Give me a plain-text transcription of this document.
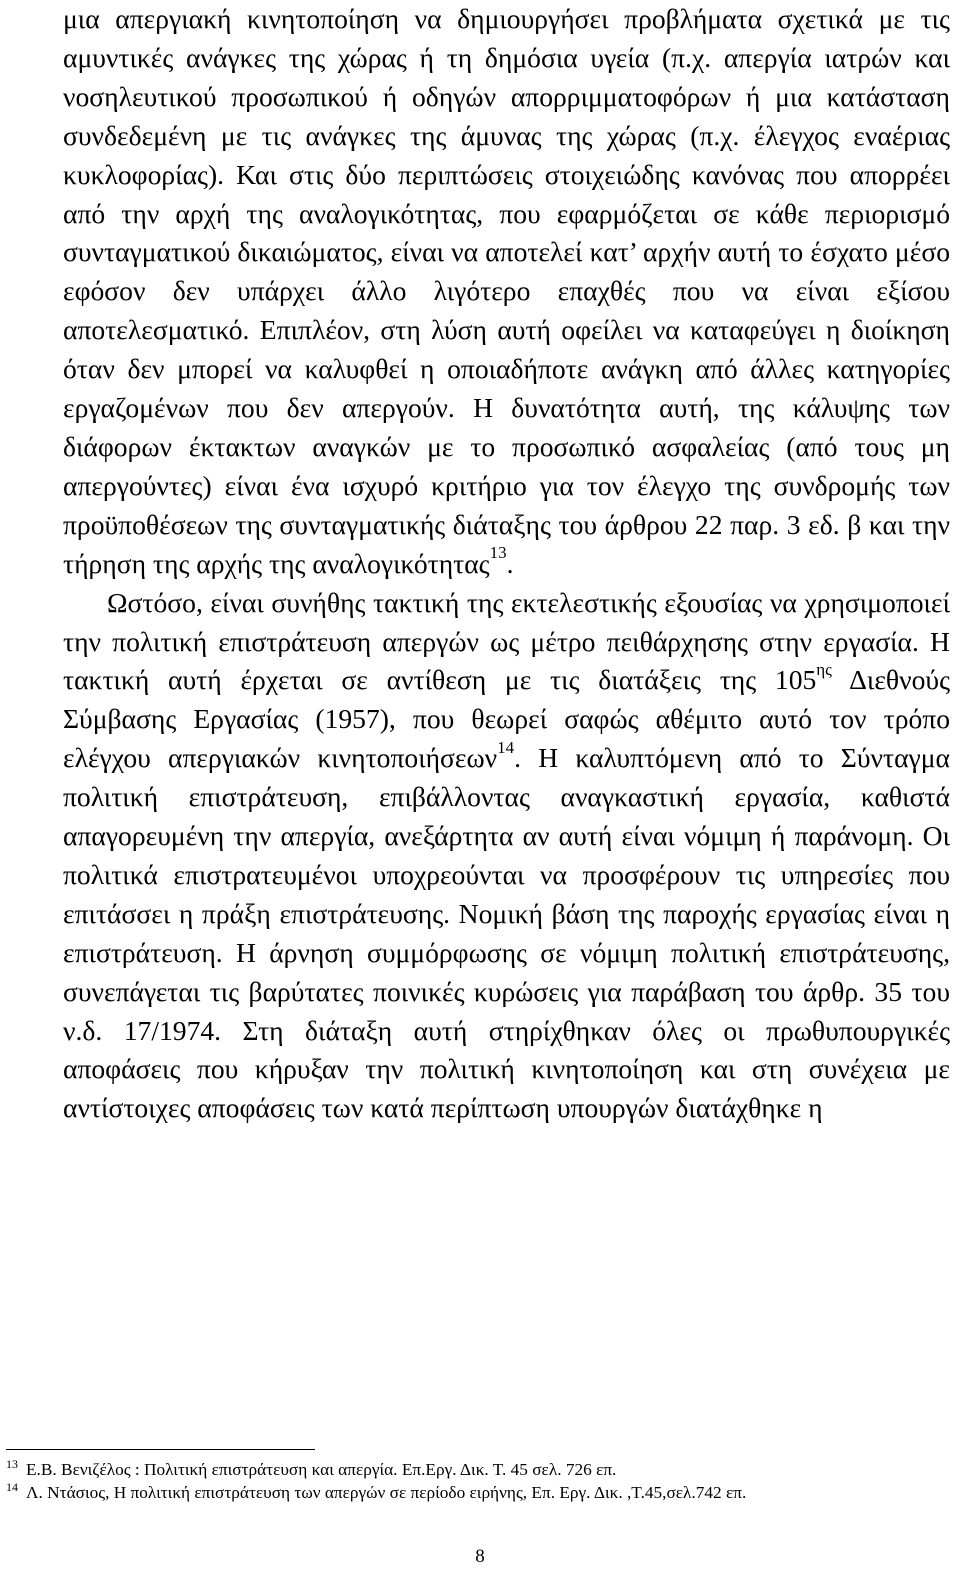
μια απεργιακή κινητοποίηση να δημιουργήσει προβλήματα σχετικά με τις αμυντικές ανάγκες της χώρας ή τη δημόσια υγεία (π.χ. απεργία ιατρών και νοσηλευτικού προσωπικού ή οδηγών απορριμματοφόρων ή μια κατάσταση συνδεδεμένη με τις ανάγκες της άμυνας της χώρας (π.χ. έλεγχος εναέριας κυκλοφορίας). Και στις δύο περιπτώσεις στοιχειώδης κανόνας που απορρέει από την αρχή της αναλογικότητας, που εφαρμόζεται σε κάθε περιορισμό συνταγματικού δικαιώματος, είναι να αποτελεί κατ’ αρχήν αυτή το έσχατο μέσο εφόσον δεν υπάρχει άλλο λιγότερο επαχθές που να είναι εξίσου αποτελεσματικό. Επιπλέον, στη λύση αυτή οφείλει να καταφεύγει η διοίκηση όταν δεν μπορεί να καλυφθεί η οποιαδήποτε ανάγκη από άλλες κατηγορίες εργαζομένων που δεν απεργούν. Η δυνατότητα αυτή, της κάλυψης των διάφορων έκτακτων αναγκών με το προσωπικό ασφαλείας (από τους μη απεργούντες) είναι ένα ισχυρό κριτήριο για τον έλεγχο της συνδρομής των προϋποθέσεων της συνταγματικής διάταξης του άρθρου 22 παρ. 3 εδ. β και την τήρηση της αρχής της αναλογικότητας$^{13}$.

Ωστόσο, είναι συνήθης τακτική της εκτελεστικής εξουσίας να χρησιμοποιεί την πολιτική επιστράτευση απεργών ως μέτρο πειθάρχησης στην εργασία. Η τακτική αυτή έρχεται σε αντίθεση με τις διατάξεις της 105$^{\eta\varsigma}$ Διεθνούς Σύμβασης Εργασίας (1957), που θεωρεί σαφώς αθέμιτο αυτό τον τρόπο ελέγχου απεργιακών κινητοποιήσεων$^{14}$. Η καλυπτόμενη από το Σύνταγμα πολιτική επιστράτευση, επιβάλλοντας αναγκαστική εργασία, καθιστά απαγορευμένη την απεργία, ανεξάρτητα αν αυτή είναι νόμιμη ή παράνομη. Οι πολιτικά επιστρατευμένοι υποχρεούνται να προσφέρουν τις υπηρεσίες που επιτάσσει η πράξη επιστράτευσης. Νομική βάση της παροχής εργασίας είναι η επιστράτευση. Η άρνηση συμμόρφωσης σε νόμιμη πολιτική επιστράτευσης, συνεπάγεται τις βαρύτατες ποινικές κυρώσεις για παράβαση του άρθρ. 35 του ν.δ. 17/1974. Στη διάταξη αυτή στηρίχθηκαν όλες οι πρωθυπουργικές αποφάσεις που κήρυξαν την πολιτική κινητοποίηση και στη συνέχεια με αντίστοιχες αποφάσεις των κατά περίπτωση υπουργών διατάχθηκε η

$^{13}$ Ε.Β. Βενιζέλος : Πολιτική επιστράτευση και απεργία. Επ.Εργ. Δικ. Τ. 45 σελ. 726 επ.

$^{14}$ Λ. Ντάσιος, Η πολιτική επιστράτευση των απεργών σε περίοδο ειρήνης, Επ. Εργ. Δικ. ,Τ.45,σελ.742 επ.

8
